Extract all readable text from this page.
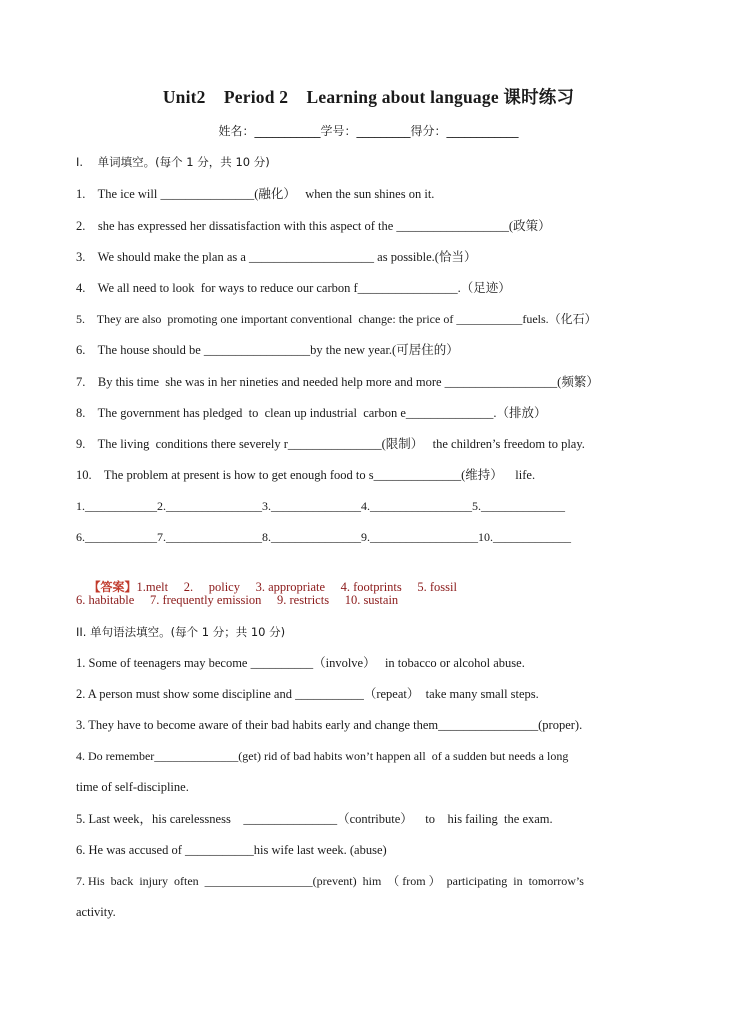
Unit2    Period 2    Learning about language 课时练习
姓名：___________学号：_________得分：____________
I.    单词填空。(每个 1 分，共 10 分)
1.    The ice will _______________(融化）   when the sun shines on it.
2.    she has expressed her dissatisfaction with this aspect of the __________________(政策）
3.    We should make the plan as a ____________________ as possible.(恰当）
4.    We all need to look  for ways to reduce our carbon f________________.（足迹）
5.    They are also  promoting one important conventional  change: the price of ___________fuels.（化石）
6.    The house should be _________________by the new year.(可居住的）
7.    By this time  she was in her nineties and needed help more and more __________________(频繁）
8.    The government has pledged  to  clean up industrial  carbon e______________.（排放）
9.    The living  conditions there severely r_______________(限制）   the children’s freedom to play.
10.    The problem at present is how to get enough food to s______________(维持）    life.
1.____________2.________________3._______________4._________________5.______________
6.____________7.________________8._______________9.__________________10._____________

【答案】1.melt     2.     policy     3. appropriate     4. footprints     5. fossil

6. habitable     7. frequently emission     9. restricts     10. sustain
II. 单句语法填空。(每个 1 分；共 10 分)
1. Some of teenagers may become __________（involve）   in tobacco or alcohol abuse.
2. A person must show some discipline and ___________（repeat）  take many small steps.
3. They have to become aware of their bad habits early and change them________________(proper).
4. Do remember______________(get) rid of bad habits won’t happen all  of a sudden but needs a long
time of self-discipline.
5. Last week，his carelessness    _______________（contribute）    to    his failing  the exam.
6. He was accused of ___________his wife last week. (abuse)
7. His  back  injury  often  __________________(prevent)  him  （ from ）  participating  in  tomorrow’s
activity.
